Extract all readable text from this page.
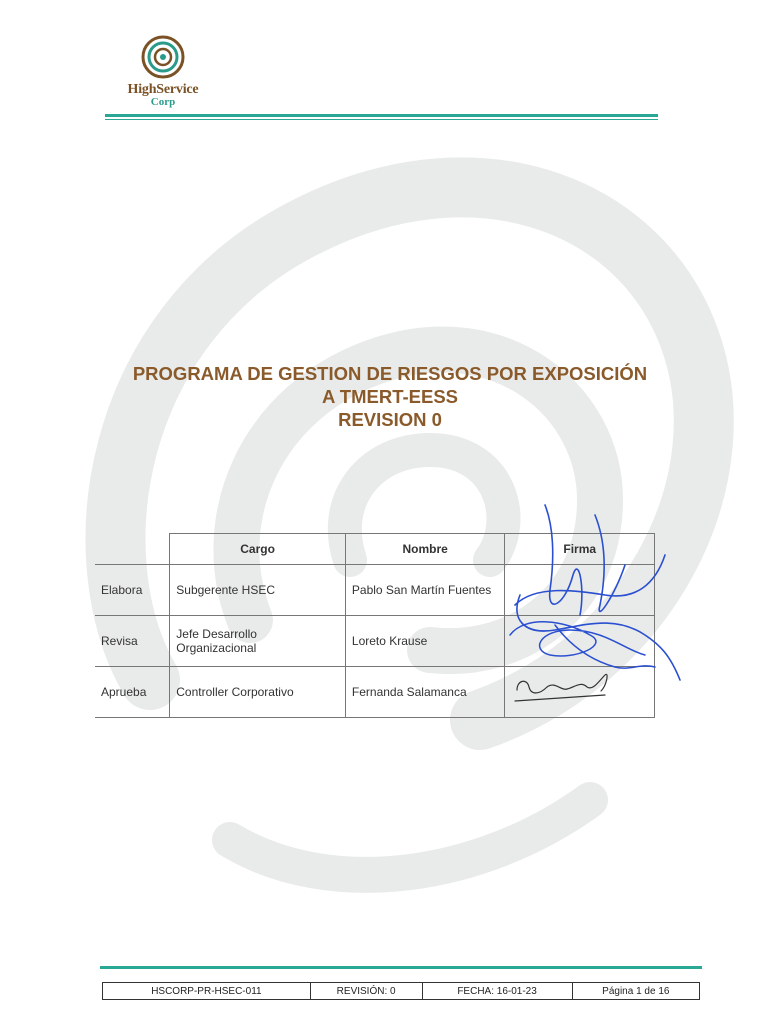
HighService
Corp
PROGRAMA DE GESTION DE RIESGOS POR EXPOSICIÓN
A TMERT-EESS
REVISION 0
	Cargo	Nombre	Firma
Elabora	Subgerente HSEC	Pablo San Martín Fuentes	
Revisa	Jefe Desarrollo Organizacional	Loreto Krause	
Aprueba	Controller Corporativo	Fernanda Salamanca	
HSCORP-PR-HSEC-011	REVISIÓN: 0	FECHA: 16-01-23	Página 1 de 16
